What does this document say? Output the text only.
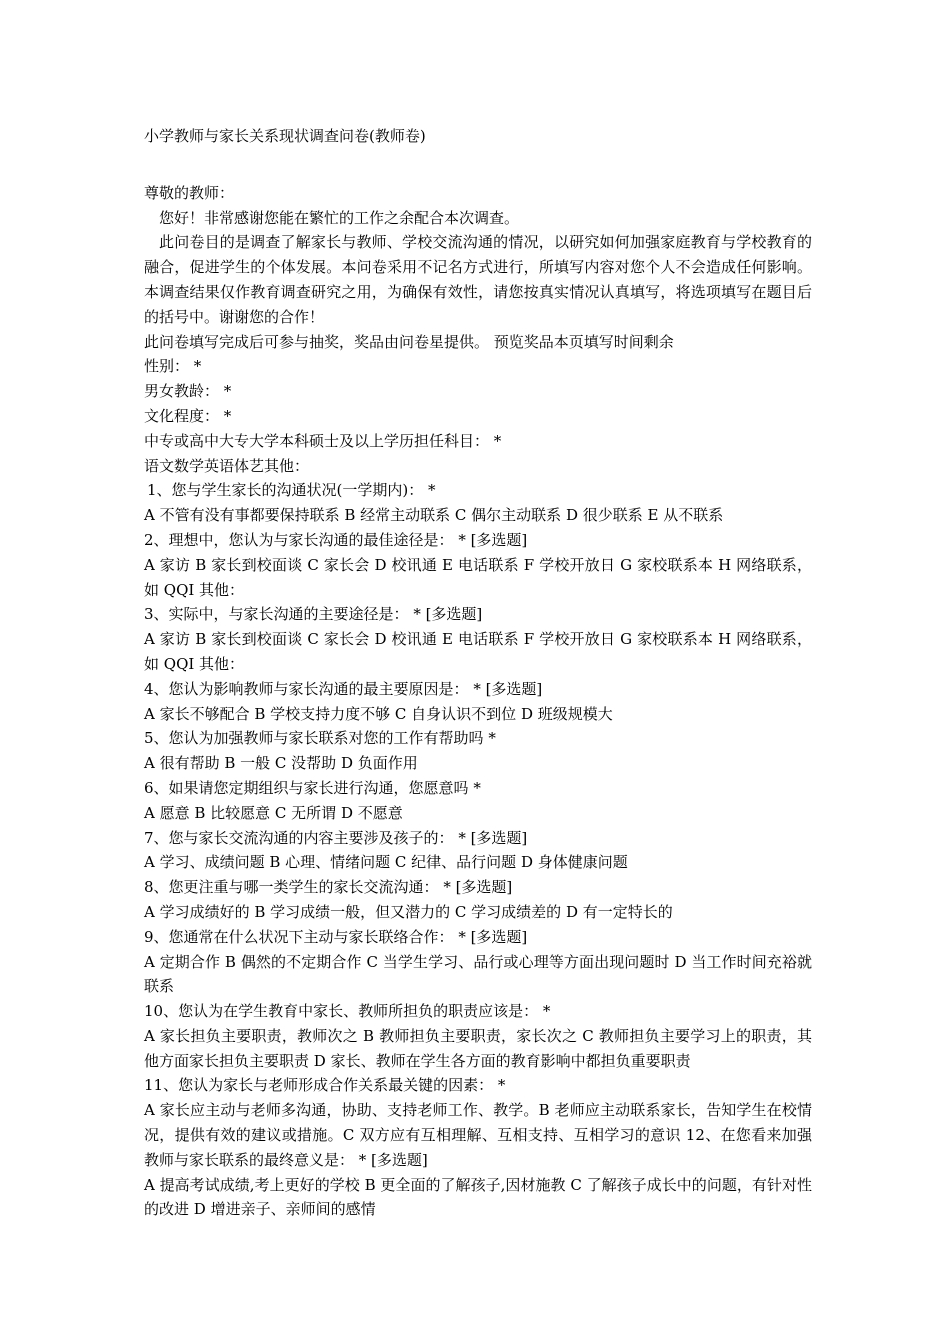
小学教师与家长关系现状调查问卷(教师卷)

尊敬的教师：

您好！非常感谢您能在繁忙的工作之余配合本次调查。

此问卷目的是调查了解家长与教师、学校交流沟通的情况，以研究如何加强家庭教育与学校教育的融合，促进学生的个体发展。本问卷采用不记名方式进行，所填写内容对您个人不会造成任何影响。本调查结果仅作教育调查研究之用，为确保有效性，请您按真实情况认真填写，将选项填写在题目后的括号中。谢谢您的合作！

此问卷填写完成后可参与抽奖，奖品由问卷星提供。 预览奖品本页填写时间剩余

性别： *

男女教龄： *

文化程度： *

中专或高中大专大学本科硕士及以上学历担任科目： *

语文数学英语体艺其他：

1、您与学生家长的沟通状况(一学期内)： *

A 不管有没有事都要保持联系 B 经常主动联系 C 偶尔主动联系 D 很少联系 E 从不联系

2、理想中，您认为与家长沟通的最佳途径是： * [多选题]

A 家访 B 家长到校面谈 C 家长会 D 校讯通 E 电话联系 F 学校开放日 G 家校联系本 H 网络联系，如 QQI 其他：

3、实际中，与家长沟通的主要途径是： * [多选题]

A 家访 B 家长到校面谈 C 家长会 D 校讯通 E 电话联系 F 学校开放日 G 家校联系本 H 网络联系，如 QQI 其他：

4、您认为影响教师与家长沟通的最主要原因是： * [多选题]

A 家长不够配合 B 学校支持力度不够 C 自身认识不到位 D 班级规模大

5、您认为加强教师与家长联系对您的工作有帮助吗 *

A 很有帮助 B 一般 C 没帮助 D 负面作用

6、如果请您定期组织与家长进行沟通，您愿意吗 *

A 愿意 B 比较愿意 C 无所谓 D 不愿意

7、您与家长交流沟通的内容主要涉及孩子的： * [多选题]

A 学习、成绩问题 B 心理、情绪问题 C 纪律、品行问题 D 身体健康问题

8、您更注重与哪一类学生的家长交流沟通： * [多选题]

A 学习成绩好的 B 学习成绩一般，但又潜力的 C 学习成绩差的 D 有一定特长的

9、您通常在什么状况下主动与家长联络合作： * [多选题]

A 定期合作 B 偶然的不定期合作 C 当学生学习、品行或心理等方面出现问题时 D 当工作时间充裕就联系

10、您认为在学生教育中家长、教师所担负的职责应该是： *

A 家长担负主要职责，教师次之 B 教师担负主要职责，家长次之 C 教师担负主要学习上的职责，其他方面家长担负主要职责 D 家长、教师在学生各方面的教育影响中都担负重要职责

11、您认为家长与老师形成合作关系最关键的因素： *

A 家长应主动与老师多沟通，协助、支持老师工作、教学。B 老师应主动联系家长，告知学生在校情况，提供有效的建议或措施。C 双方应有互相理解、互相支持、互相学习的意识 12、在您看来加强教师与家长联系的最终意义是： * [多选题]

A 提高考试成绩,考上更好的学校 B 更全面的了解孩子,因材施教 C 了解孩子成长中的问题，有针对性的改进 D 增进亲子、亲师间的感情
